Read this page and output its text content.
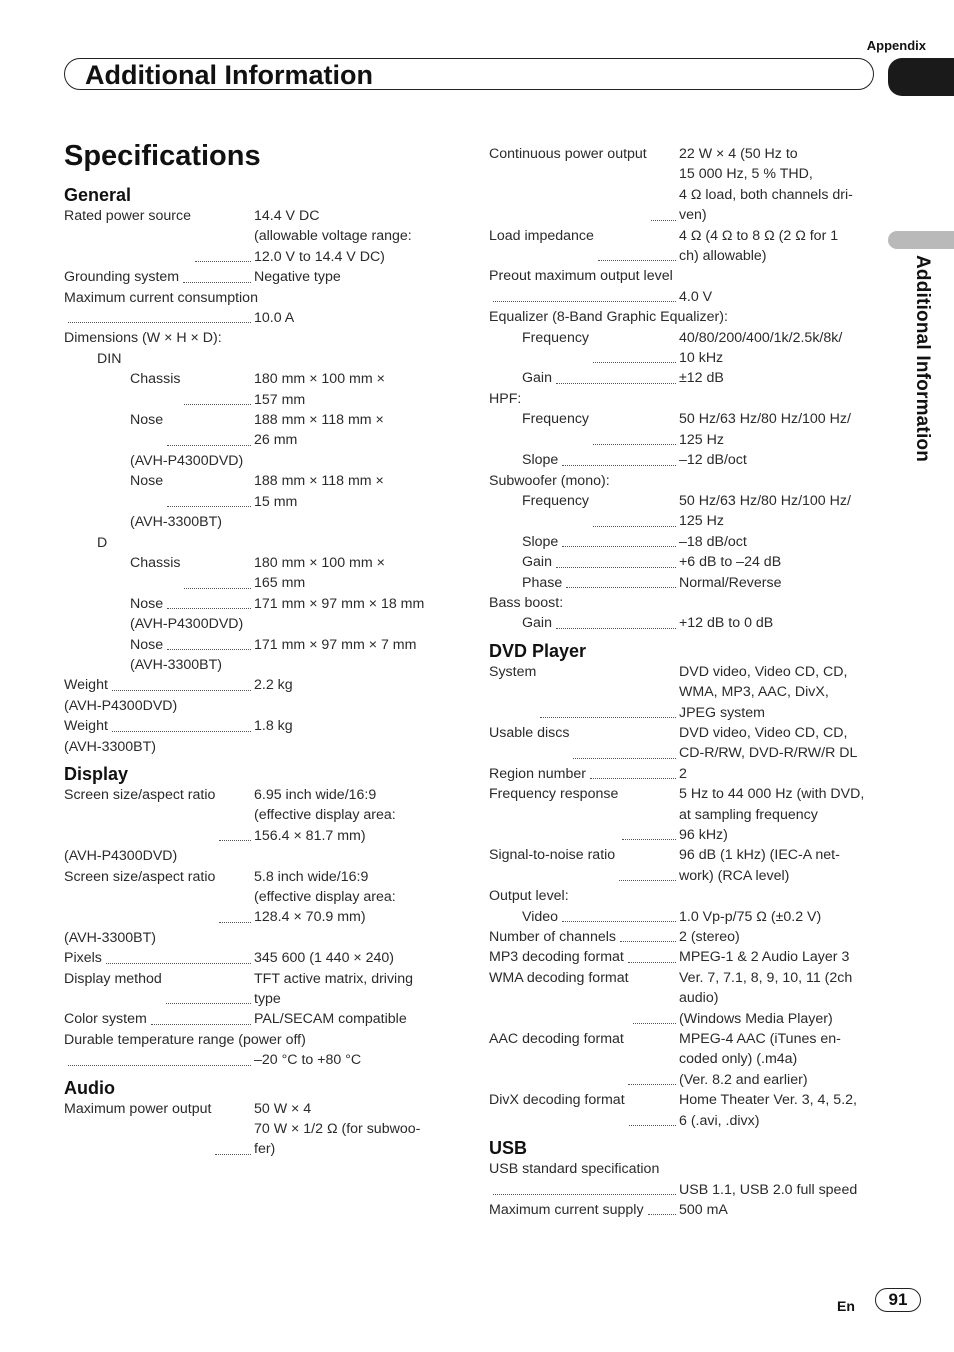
Appendix
Additional Information
Additional Information
Specifications
General
Rated power source	14.4 V DC
(allowable voltage range:
12.0 V to 14.4 V DC)
Grounding system	Negative type
Maximum current consumption
10.0 A
Dimensions (W × H × D):
DIN
Chassis	180 mm × 100 mm ×
157 mm
Nose	188 mm × 118 mm ×
26 mm
(AVH-P4300DVD)
Nose	188 mm × 118 mm ×
15 mm
(AVH-3300BT)
D
Chassis	180 mm × 100 mm ×
165 mm
Nose	171 mm × 97 mm × 18 mm
(AVH-P4300DVD)
Nose	171 mm × 97 mm × 7 mm
(AVH-3300BT)
Weight	2.2 kg
(AVH-P4300DVD)
Weight	1.8 kg
(AVH-3300BT)
Display
Screen size/aspect ratio	6.95 inch wide/16:9
(effective display area:
156.4 × 81.7 mm)
(AVH-P4300DVD)
Screen size/aspect ratio	5.8 inch wide/16:9
(effective display area:
128.4 × 70.9 mm)
(AVH-3300BT)
Pixels	345 600 (1 440 × 240)
Display method	TFT active matrix, driving
type
Color system	PAL/SECAM compatible
Durable temperature range (power off)
–20 °C to +80 °C
Audio
Maximum power output	50 W × 4
70 W × 1/2 Ω (for subwoo-
fer)
Continuous power output 22 W × 4 (50 Hz to
15 000 Hz, 5 % THD,
4 Ω load, both channels dri-
ven)
Load impedance	4 Ω (4 Ω to 8 Ω (2 Ω for 1
ch) allowable)
Preout maximum output level
4.0 V
Equalizer (8-Band Graphic Equalizer):
Frequency	40/80/200/400/1k/2.5k/8k/
10 kHz
Gain	±12 dB
HPF:
Frequency	50 Hz/63 Hz/80 Hz/100 Hz/
125 Hz
Slope	–12 dB/oct
Subwoofer (mono):
Frequency	50 Hz/63 Hz/80 Hz/100 Hz/
125 Hz
Slope	–18 dB/oct
Gain	+6 dB to –24 dB
Phase	Normal/Reverse
Bass boost:
Gain	+12 dB to 0 dB
DVD Player
System	DVD video, Video CD, CD,
WMA, MP3, AAC, DivX,
JPEG system
Usable discs	DVD video, Video CD, CD,
CD-R/RW, DVD-R/RW/R DL
Region number	2
Frequency response	5 Hz to 44 000 Hz (with DVD,
at sampling frequency
96 kHz)
Signal-to-noise ratio	96 dB (1 kHz) (IEC-A net-
work) (RCA level)
Output level:
Video	1.0 Vp-p/75 Ω (±0.2 V)
Number of channels	2 (stereo)
MP3 decoding format	MPEG-1 & 2 Audio Layer 3
WMA decoding format	Ver. 7, 7.1, 8, 9, 10, 11 (2ch
audio)
(Windows Media Player)
AAC decoding format	MPEG-4 AAC (iTunes en-
coded only) (.m4a)
(Ver. 8.2 and earlier)
DivX decoding format	Home Theater Ver. 3, 4, 5.2,
6 (.avi, .divx)
USB
USB standard specification
USB 1.1, USB 2.0 full speed
Maximum current supply 500 mA
En	91
